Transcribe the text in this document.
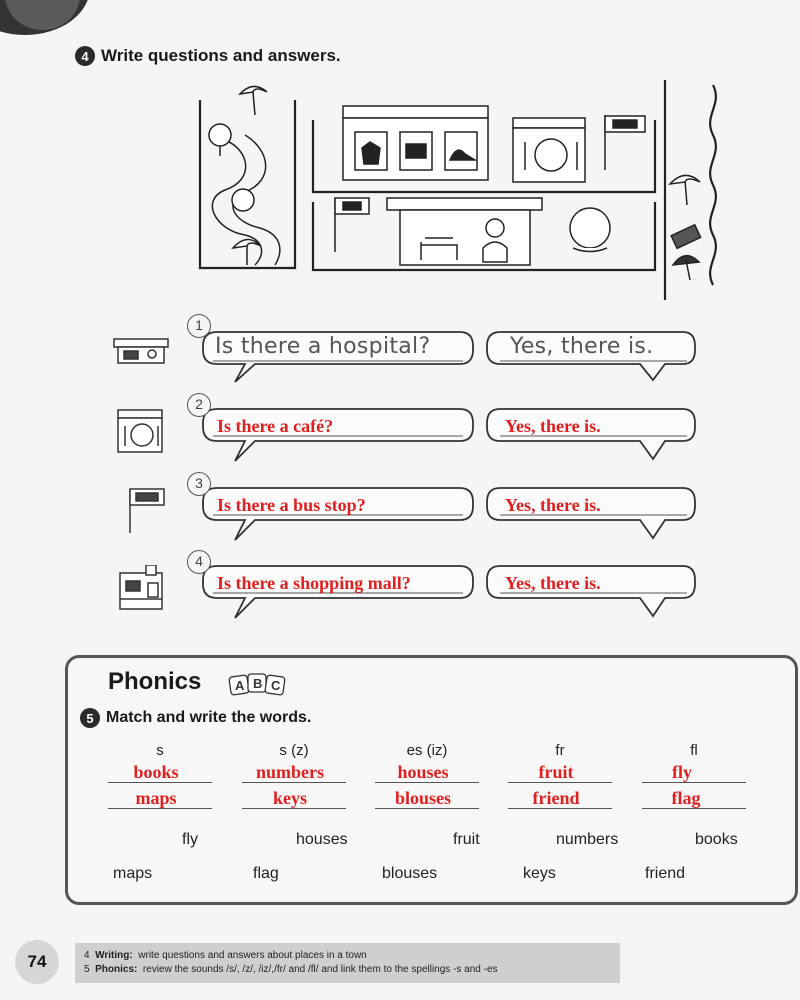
4 Write questions and answers.
1
Is there a hospital?	Yes, there is.
2
Is there a café?	Yes, there is.
3
Is there a bus stop?	Yes, there is.
4
Is there a shopping mall?	Yes, there is.
Phonics	A B C
5 Match and write the words.
s	s (z)	es (iz)	fr	fl
books	numbers	houses	fruit	fly
maps	keys	blouses	friend	flag
fly	houses	fruit	numbers	books
maps	flag	blouses	keys	friend
74	4 Writing: write questions and answers about places in a town
5 Phonics: review the sounds /s/, /z/, /iz/,/fr/ and /fl/ and link them to the spellings -s and -es
